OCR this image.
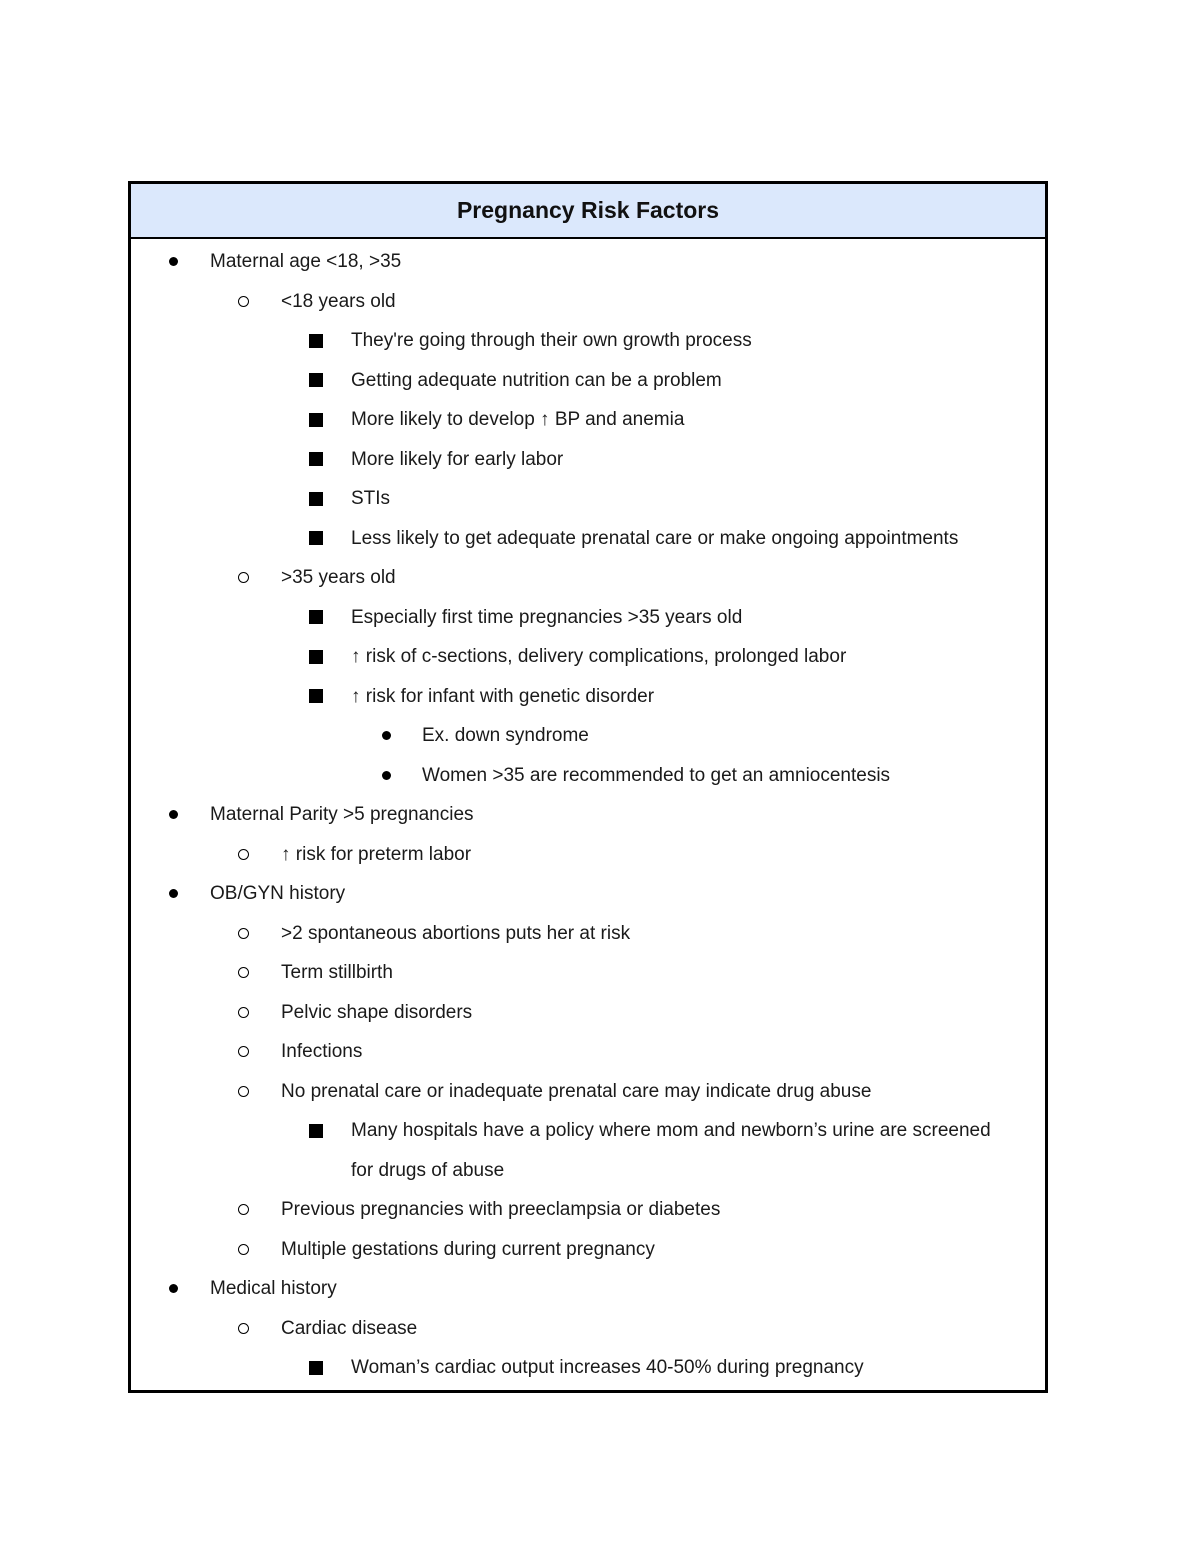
Pregnancy Risk Factors
Maternal age <18, >35
<18 years old
They're going through their own growth process
Getting adequate nutrition can be a problem
More likely to develop ↑ BP and anemia
More likely for early labor
STIs
Less likely to get adequate prenatal care or make ongoing appointments
>35 years old
Especially first time pregnancies >35 years old
↑ risk of c-sections, delivery complications, prolonged labor
↑ risk for infant with genetic disorder
Ex. down syndrome
Women >35 are recommended to get an amniocentesis
Maternal Parity >5 pregnancies
↑ risk for preterm labor
OB/GYN history
>2 spontaneous abortions puts her at risk
Term stillbirth
Pelvic shape disorders
Infections
No prenatal care or inadequate prenatal care may indicate drug abuse
Many hospitals have a policy where mom and newborn’s urine are screened
for drugs of abuse
Previous pregnancies with preeclampsia or diabetes
Multiple gestations during current pregnancy
Medical history
Cardiac disease
Woman’s cardiac output increases 40-50% during pregnancy
